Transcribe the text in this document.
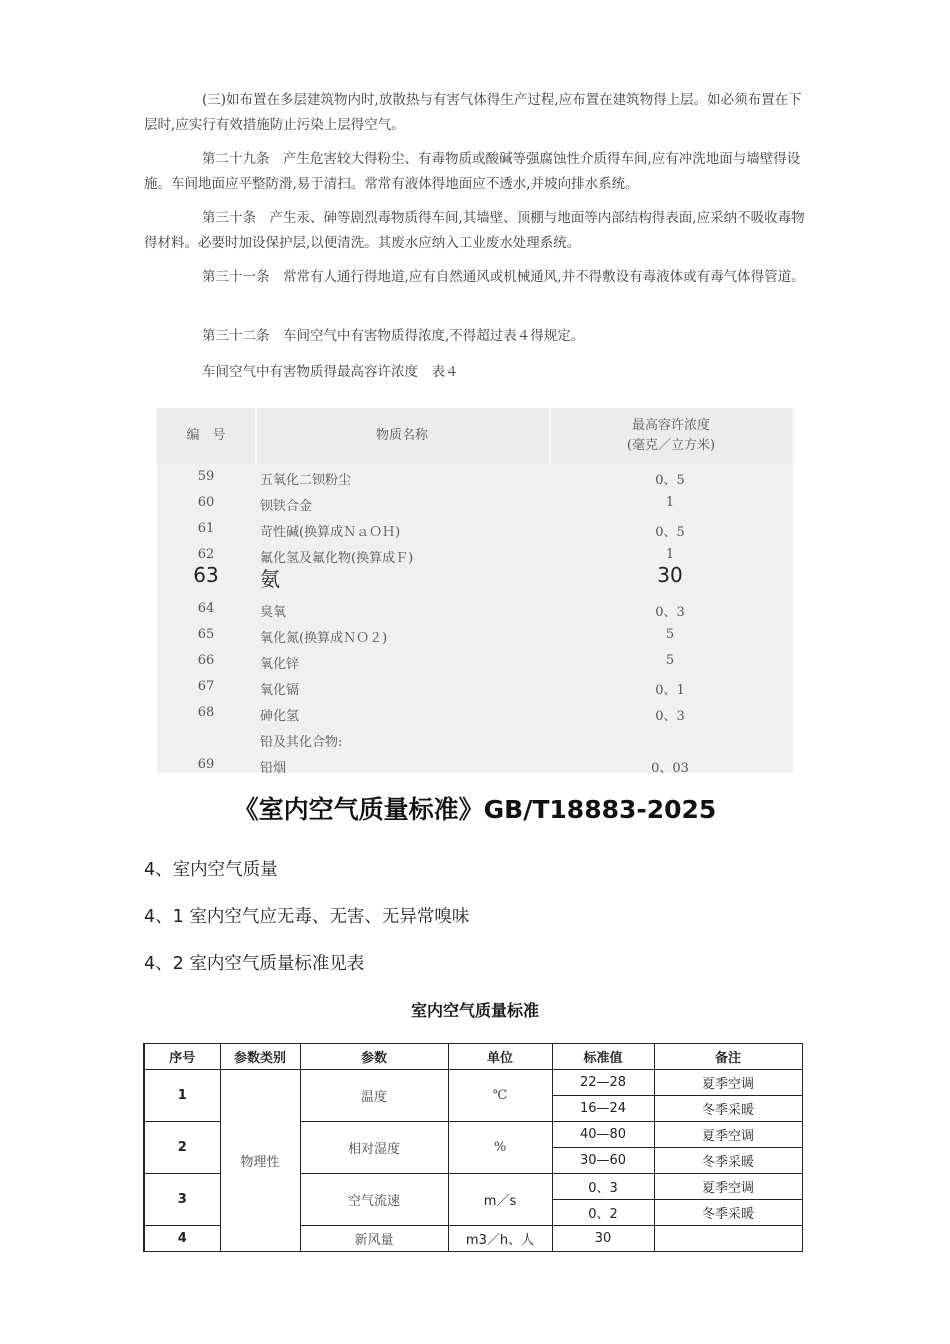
(三)如布置在多层建筑物内时,放散热与有害气体得生产过程,应布置在建筑物得上层。如必须布置在下层时,应实行有效措施防止污染上层得空气。

第二十九条　产生危害较大得粉尘、有毒物质或酸碱等强腐蚀性介质得车间,应有冲洗地面与墙壁得设施。车间地面应平整防滑,易于清扫。常常有液体得地面应不透水,并坡向排水系统。

第三十条　产生汞、砷等剧烈毒物质得车间,其墙壁、顶棚与地面等内部结构得表面,应采纳不吸收毒物得材料。必要时加设保护层,以便清洗。其废水应纳入工业废水处理系统。

第三十一条　常常有人通行得地道,应有自然通风或机械通风,并不得敷设有毒液体或有毒气体得管道。

第三十二条　车间空气中有害物质得浓度,不得超过表４得规定。

车间空气中有害物质得最高容许浓度　表４

编　号	物质名称
最高容许浓度
(毫克／立方米)
59	五氧化二钡粉尘	0、5
60	钡铁合金	1
61	苛性碱(换算成ＮａＯＨ)	0、5
62	氟化氢及氟化物(换算成Ｆ)	1
63	氨	30
64	臭氧	0、3
65	氧化氮(换算成ＮＯ２)	5
66	氧化锌	5
67	氧化镉	0、1
68	砷化氢	0、3
铅及其化合物:
69	铅烟	0、03
《室内空气质量标准》GB/T18883-2025
4、室内空气质量
4、1 室内空气应无毒、无害、无异常嗅味
4、2 室内空气质量标准见表
室内空气质量标准
序号	参数类别	参数	单位	标准值	备注
1	物理性	温度	℃	22—28	夏季空调
				16—24	冬季采暖
2		相对湿度	%	40—80	夏季空调
				30—60	冬季采暖
3		空气流速	m／s	0、3	夏季空调
				0、2	冬季采暖
4		新风量	m3／h、人	30	
